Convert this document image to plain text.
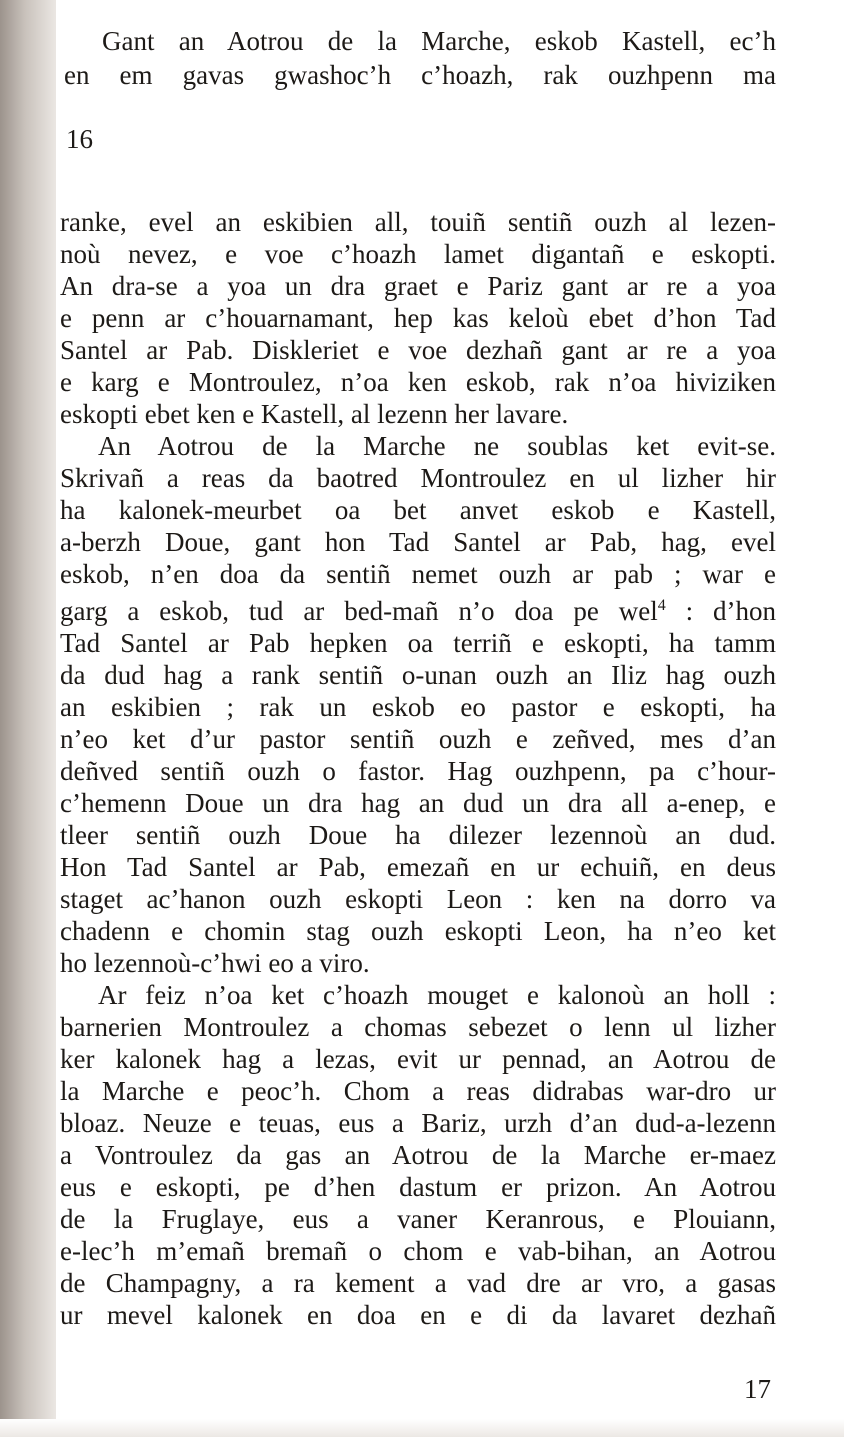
Gant an Aotrou de la Marche, eskob Kastell, ec’h

en em gavas gwashoc’h c’hoazh, rak ouzhpenn ma

16
ranke, evel an eskibien all, touiñ sentiñ ouzh al lezen-
noù nevez, e voe c’hoazh lamet digantañ e eskopti.
An dra-se a yoa un dra graet e Pariz gant ar re a yoa
e penn ar c’houarnamant, hep kas keloù ebet d’hon Tad
Santel ar Pab. Diskleriet e voe dezhañ gant ar re a yoa
e karg e Montroulez, n’oa ken eskob, rak n’oa hiviziken
eskopti ebet ken e Kastell, al lezenn her lavare.
An Aotrou de la Marche ne soublas ket evit-se.
Skrivañ a reas da baotred Montroulez en ul lizher hir
ha kalonek-meurbet oa bet anvet eskob e Kastell,
a-berzh Doue, gant hon Tad Santel ar Pab, hag, evel
eskob, n’en doa da sentiñ nemet ouzh ar pab ; war e
garg a eskob, tud ar bed-mañ n’o doa pe wel$^4$ : d’hon
Tad Santel ar Pab hepken oa terriñ e eskopti, ha tamm
da dud hag a rank sentiñ o-unan ouzh an Iliz hag ouzh
an eskibien ; rak un eskob eo pastor e eskopti, ha
n’eo ket d’ur pastor sentiñ ouzh e zeñved, mes d’an
deñved sentiñ ouzh o fastor. Hag ouzhpenn, pa c’hour-
c’hemenn Doue un dra hag an dud un dra all a-enep, e
tleer sentiñ ouzh Doue ha dilezer lezennoù an dud.
Hon Tad Santel ar Pab, emezañ en ur echuiñ, en deus
staget ac’hanon ouzh eskopti Leon : ken na dorro va
chadenn e chomin stag ouzh eskopti Leon, ha n’eo ket
ho lezennoù-c’hwi eo a viro.
Ar feiz n’oa ket c’hoazh mouget e kalonoù an holl :
barnerien Montroulez a chomas sebezet o lenn ul lizher
ker kalonek hag a lezas, evit ur pennad, an Aotrou de
la Marche e peoc’h. Chom a reas didrabas war-dro ur
bloaz. Neuze e teuas, eus a Bariz, urzh d’an dud-a-lezenn
a Vontroulez da gas an Aotrou de la Marche er-maez
eus e eskopti, pe d’hen dastum er prizon. An Aotrou
de la Fruglaye, eus a vaner Keranrous, e Plouiann,
e-lec’h m’emañ bremañ o chom e vab-bihan, an Aotrou
de Champagny, a ra kement a vad dre ar vro, a gasas
ur mevel kalonek en doa en e di da lavaret dezhañ
17
